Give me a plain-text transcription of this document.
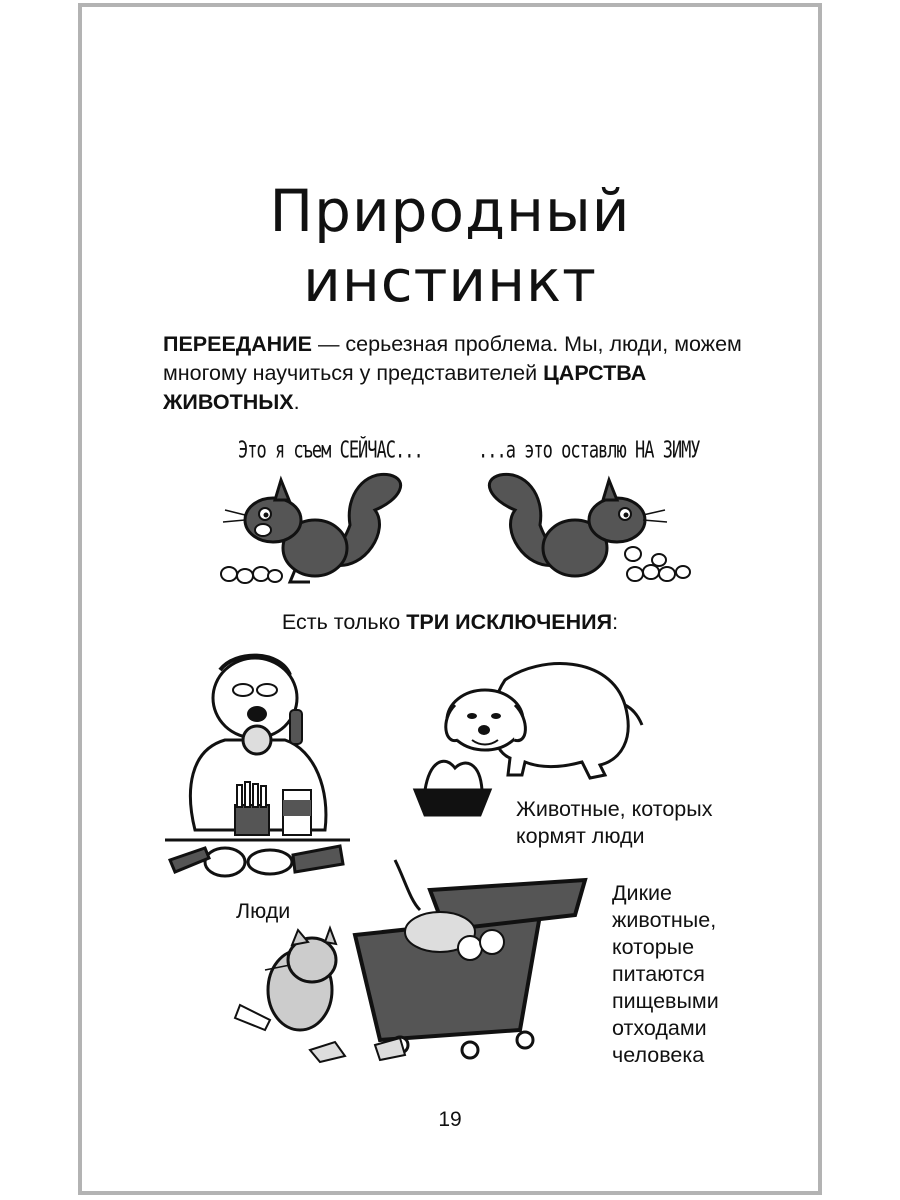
Природный
инстинкт
ПЕРЕЕДАНИЕ — серьезная проблема. Мы, люди, можем многому научиться у представителей ЦАРСТВА ЖИВОТНЫХ.
Это я съем СЕЙЧАС...	...а это оставлю НА ЗИМУ
Есть только ТРИ ИСКЛЮЧЕНИЯ:
Животные, которых кормят люди
Люди
Дикие животные, которые питаются пищевыми отходами человека
19
